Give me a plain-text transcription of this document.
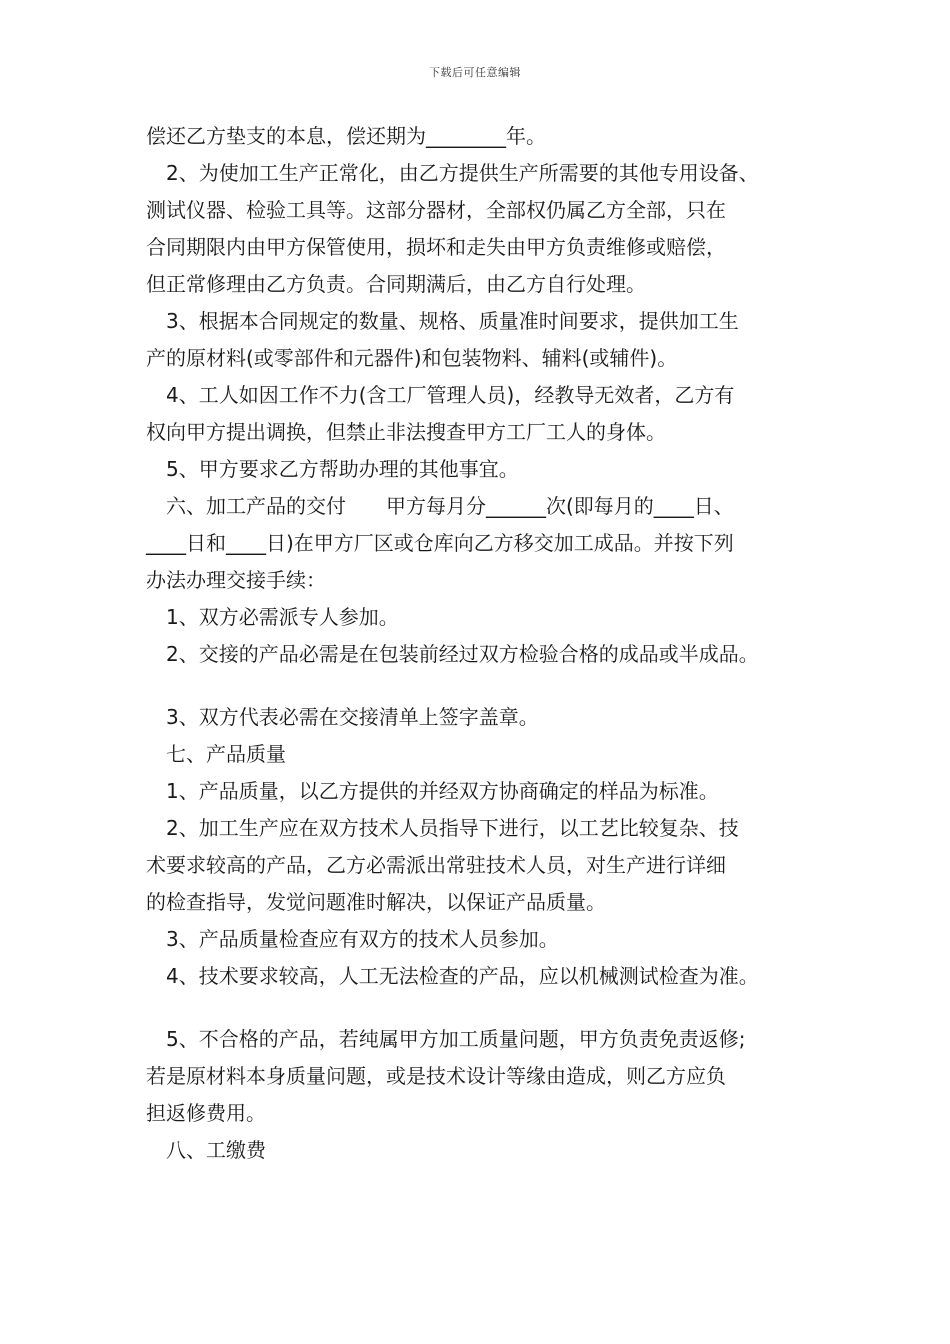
下载后可任意编辑
偿还乙方垫支的本息，偿还期为________年。
　2、为使加工生产正常化，由乙方提供生产所需要的其他专用设备、
测试仪器、检验工具等。这部分器材，全部权仍属乙方全部，只在
合同期限内由甲方保管使用，损坏和走失由甲方负责维修或赔偿，
但正常修理由乙方负责。合同期满后，由乙方自行处理。
　3、根据本合同规定的数量、规格、质量准时间要求，提供加工生
产的原材料(或零部件和元器件)和包装物料、辅料(或辅件)。
　4、工人如因工作不力(含工厂管理人员)，经教导无效者，乙方有
权向甲方提出调换，但禁止非法搜查甲方工厂工人的身体。
　5、甲方要求乙方帮助办理的其他事宜。
　六、加工产品的交付　　甲方每月分______次(即每月的____日、
____日和____日)在甲方厂区或仓库向乙方移交加工成品。并按下列
办法办理交接手续：
　1、双方必需派专人参加。
　2、交接的产品必需是在包装前经过双方检验合格的成品或半成品。
　3、双方代表必需在交接清单上签字盖章。
　七、产品质量
　1、产品质量，以乙方提供的并经双方协商确定的样品为标准。
　2、加工生产应在双方技术人员指导下进行，以工艺比较复杂、技
术要求较高的产品，乙方必需派出常驻技术人员，对生产进行详细
的检查指导，发觉问题准时解决，以保证产品质量。
　3、产品质量检查应有双方的技术人员参加。
　4、技术要求较高，人工无法检查的产品，应以机械测试检查为准。
　5、不合格的产品，若纯属甲方加工质量问题，甲方负责免责返修;
若是原材料本身质量问题，或是技术设计等缘由造成，则乙方应负
担返修费用。
　八、工缴费
